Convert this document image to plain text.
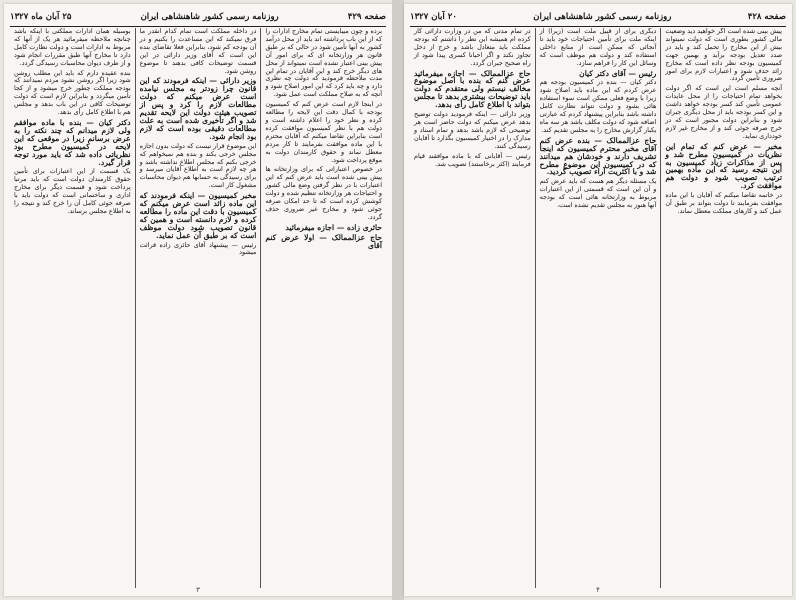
صفحه ۴۲۹
روزنامه رسمی کشور شاهنشاهی ایران
۲۵ آبان ماه ۱۳۲۷

برده و چون میبایستی تمام مخارج ادارات را که از این باب برداشته اند باید از محل درآمد کشور به آنها تأمین شود در حالی که بر طبق قانون هر وزارتخانه ای که برای امور آن پیش بینی اعتبار نشده است نمیتواند از محل های دیگر خرج کند و این آقایان در تمام این مدت ملاحظه فرمودید که دولت چه نظری دارد و چه باید کرد که این امور اصلاح شود و آنچه که به صلاح مملکت است عمل شود.

در اینجا لازم است عرض کنم که کمیسیون بودجه با کمال دقت این لایحه را مطالعه کرده و نظر خود را اعلام داشته است و دولت هم با نظر کمیسیون موافقت کرده است بنابراین تقاضا میکنم که آقایان محترم با این ماده موافقت بفرمایند تا کار مردم معطل نماند و حقوق کارمندان دولت به موقع پرداخت شود.

در خصوص اعتباراتی که برای وزارتخانه ها پیش بینی شده است باید عرض کنم که این اعتبارات با در نظر گرفتن وضع مالی کشور و احتیاجات هر وزارتخانه تنظیم شده و دولت کوشش کرده است که تا حد امکان صرفه جوئی شود و مخارج غیر ضروری حذف گردد.

حائری زاده — اجازه میفرمائید
حاج عزالممالک — اولا عرض کنم آقای

در داخله مملکت است تمام کدام آنقدر ما فرق نمیکند که این مساعدت را بکنیم و در آن بودجه کم شود، بنابراین فعلا تقاضای بنده این است که آقای وزیر دارائی در این قسمت توضیحات کافی بدهند تا موضوع روشن شود.

وزیر دارائی — اینکه فرمودند که این قانون چرا زودتر به مجلس نیامده است عرض میکنم که دولت مطالعات لازم را کرد و پس از تصویب هیئت دولت این لایحه تقدیم شد و اگر تأخیری شده است به علت مطالعات دقیقی بوده است که لازم بود انجام شود.

این موضوع قرار نیست که دولت بدون اجازه مجلس خرجی بکند و بنده هم نمیخواهم که خرجی بکنم که مجلس اطلاع نداشته باشد و هر چه لازم است به اطلاع آقایان میرسد و برای رسیدگی به حسابها هم دیوان محاسبات مشغول کار است.

مخبر کمیسیون — اینکه فرمودند که این ماده زائد است عرض میکنم که کمیسیون با دقت این ماده را مطالعه کرده و لازم دانسته است و همین که قانون تصویب شود دولت موظف است که بر طبق آن عمل نماید.

رئیس — پیشنهاد آقای حائری زاده قرائت میشود

بوسیله همان ادارات مملکتی با اینکه باشد چنانچه ملاحظه میفرمائید هر یک از آنها که مربوط به ادارات است و دولت نظارت کامل دارد تا مخارج آنها طبق مقررات انجام شود و از طرف دیوان محاسبات رسیدگی گردد.

بنده عقیده دارم که باید این مطلب روشن شود زیرا اگر روشن نشود مردم نمیدانند که بودجه مملکت چطور خرج میشود و از کجا تأمین میگردد و بنابراین لازم است که دولت توضیحات کافی در این باب بدهد و مجلس هم با اطلاع کامل رأی بدهد.

دکتر کیان — بنده با ماده موافقم ولی لازم میدانم که چند نکته را به عرض برسانم زیرا در موقعی که این لایحه در کمیسیون مطرح بود نظریاتی داده شد که باید مورد توجه قرار گیرد.

یک قسمت از این اعتبارات برای تأمین حقوق کارمندان دولت است که باید مرتبا پرداخت شود و قسمت دیگر برای مخارج اداری و ساختمانی است که دولت باید با صرفه جوئی کامل آن را خرج کند و نتیجه را به اطلاع مجلس برساند.

۳
صفحه ۴۲۸
روزنامه رسمی کشور شاهنشاهی ایران
۲۰ آبان ۱۳۲۷

پیش بینی شده است اگر خواهید دید وضعیت مالی کشور بطوری است که دولت نمیتواند بیش از این مخارج را تحمل کند و باید در صدد تعدیل بودجه برآید و بهمین جهت کمیسیون بودجه نظر داده است که مخارج زائد حذف شود و اعتبارات لازم برای امور ضروری تأمین گردد.

آنچه مسلم است این است که اگر دولت بخواهد تمام احتیاجات را از محل عایدات عمومی تأمین کند کسر بودجه خواهد داشت و این کسر بودجه باید از محل دیگری جبران شود و بنابراین دولت مجبور است که در خرج صرفه جوئی کند و از مخارج غیر لازم خودداری نماید.

مخبر — عرض کنم که تمام این نظریات در کمیسیون مطرح شد و پس از مذاکرات زیاد کمیسیون به این نتیجه رسید که این ماده بهمین ترتیب تصویب شود و دولت هم موافقت کرد.

در خاتمه تقاضا میکنم که آقایان با این ماده موافقت بفرمایند تا دولت بتواند بر طبق آن عمل کند و کارهای مملکت معطل نماند.

دیگری برای از قبیل ملت است (زیرا) از اینکه ملت برای تأمین احتیاجات خود باید تا آنجائی که ممکن است از منابع داخلی استفاده کند و دولت هم موظف است که وسائل این کار را فراهم سازد.

رئیس — آقای دکتر کیان

دکتر کیان — بنده در کمیسیون بودجه هم عرض کردم که این ماده باید اصلاح شود زیرا با وضع فعلی ممکن است سوء استفاده هائی بشود و دولت نتواند نظارت کامل داشته باشد بنابراین پیشنهاد کردم که عبارتی اضافه شود که دولت مکلف باشد هر سه ماه یکبار گزارش مخارج را به مجلس تقدیم کند.

حاج عزالممالک — بنده عرض کنم آقای مخبر محترم کمیسیون که اینجا تشریف دارند و خودشان هم میدانند که در کمیسیون این موضوع مطرح شد و با اکثریت آراء تصویب گردید.

یک مسئله دیگر هم هست که باید عرض کنم و آن این است که قسمتی از این اعتبارات مربوط به وزارتخانه هائی است که بودجه آنها هنوز به مجلس تقدیم نشده است.

در تمام مدتی که من در وزارت دارائی کار کرده ام همیشه این نظر را داشتم که بودجه مملکت باید متعادل باشد و خرج از دخل تجاوز نکند و اگر احیانا کسری پیدا شود از راه صحیح جبران گردد.

حاج عزالممالک — اجازه میفرمائید عرض کنم که بنده با اصل موضوع مخالف نیستم ولی معتقدم که دولت باید توضیحات بیشتری بدهد تا مجلس بتواند با اطلاع کامل رأی بدهد.

وزیر دارائی — اینکه فرمودید دولت توضیح بدهد عرض میکنم که دولت حاضر است هر توضیحی که لازم باشد بدهد و تمام اسناد و مدارک را در اختیار کمیسیون بگذارد تا آقایان رسیدگی کنند.

رئیس — آقایانی که با ماده موافقند قیام فرمایند (اکثر برخاستند) تصویب شد.

۴
